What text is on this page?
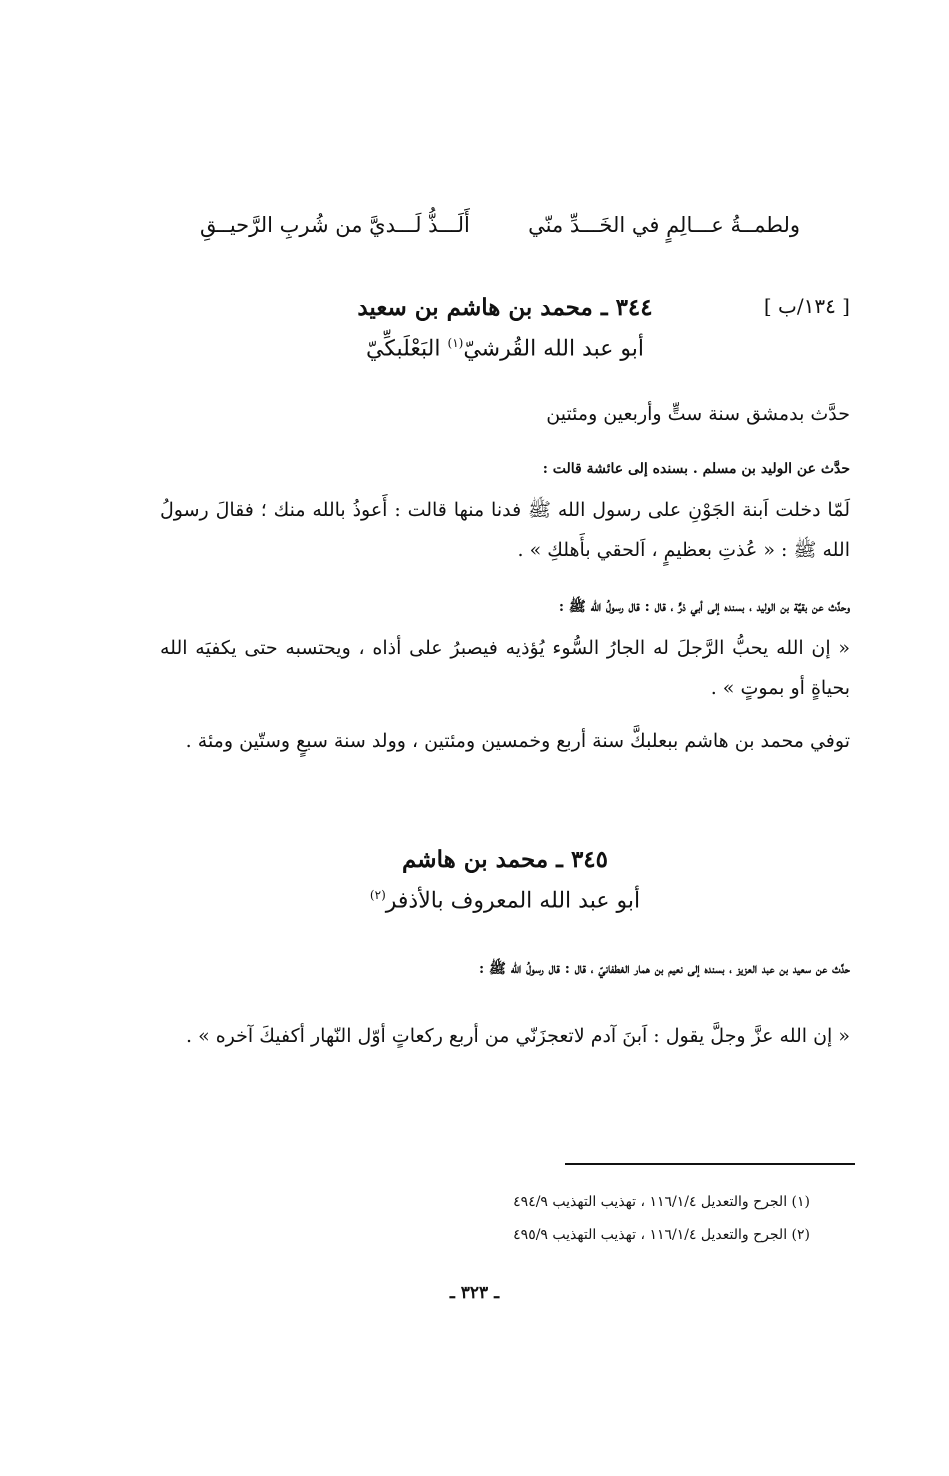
ولطمــةُ عـــالِمٍ في الخَـــدِّ منّي
أَلَـــذُّ لَـــديَّ من شُربِ الرَّحيــقِ
[ ١٣٤/ب ]
٣٤٤ ـ محمد بن هاشم بن سعيد
أبو عبد الله القُرشيّ$^{(١)}$ البَعْلَبكِّيّ
حدَّث بدمشق سنة ستٍّ وأربعين ومئتين
حدَّث عن الوليد بن مسلم . بسنده إلى عائشة قالت :
لَمّا دخلت اَبنة الجَوْنِ على رسول الله ﷺ فدنا منها قالت : أَعوذُ بالله منك ؛ فقالَ رسولُ الله ﷺ : « عُذتِ بعظيمٍ ، اَلحقي بأَهلكِ » .
وحدَّث عن بقيَّة بن الوليد ، بسنده إلى أبي ذرٍّ ، قال : قال رسولُ الله ﷺ :
« إن الله يحبُّ الرَّجلَ له الجارُ السُّوء يُؤذيه فيصبرُ على أذاه ، ويحتسبه حتى يكفيَه الله بحياةٍ أو بموتٍ » .
توفي محمد بن هاشم ببعلبكَّ سنة أربع وخمسين ومئتين ، وولد سنة سبعٍ وستّين ومئة .
٣٤٥ ـ محمد بن هاشم
أبو عبد الله المعروف بالأذفر$^{(٢)}$
حدَّث عن سعيد بن عبد العزيز ، بسنده إلى نعيم بن همار الغطفانيّ ، قال : قال رسولُ الله ﷺ :
« إن الله عزَّ وجلَّ يقول : اَبنَ آدم لاتعجزَنّي من أربع ركعاتٍ أوّل النّهار أكفيكَ آخره » .
(١) الجرح والتعديل ١١٦/١/٤ ، تهذيب التهذيب ٤٩٤/٩
(٢) الجرح والتعديل ١١٦/١/٤ ، تهذيب التهذيب ٤٩٥/٩
ـ ٣٢٣ ـ
